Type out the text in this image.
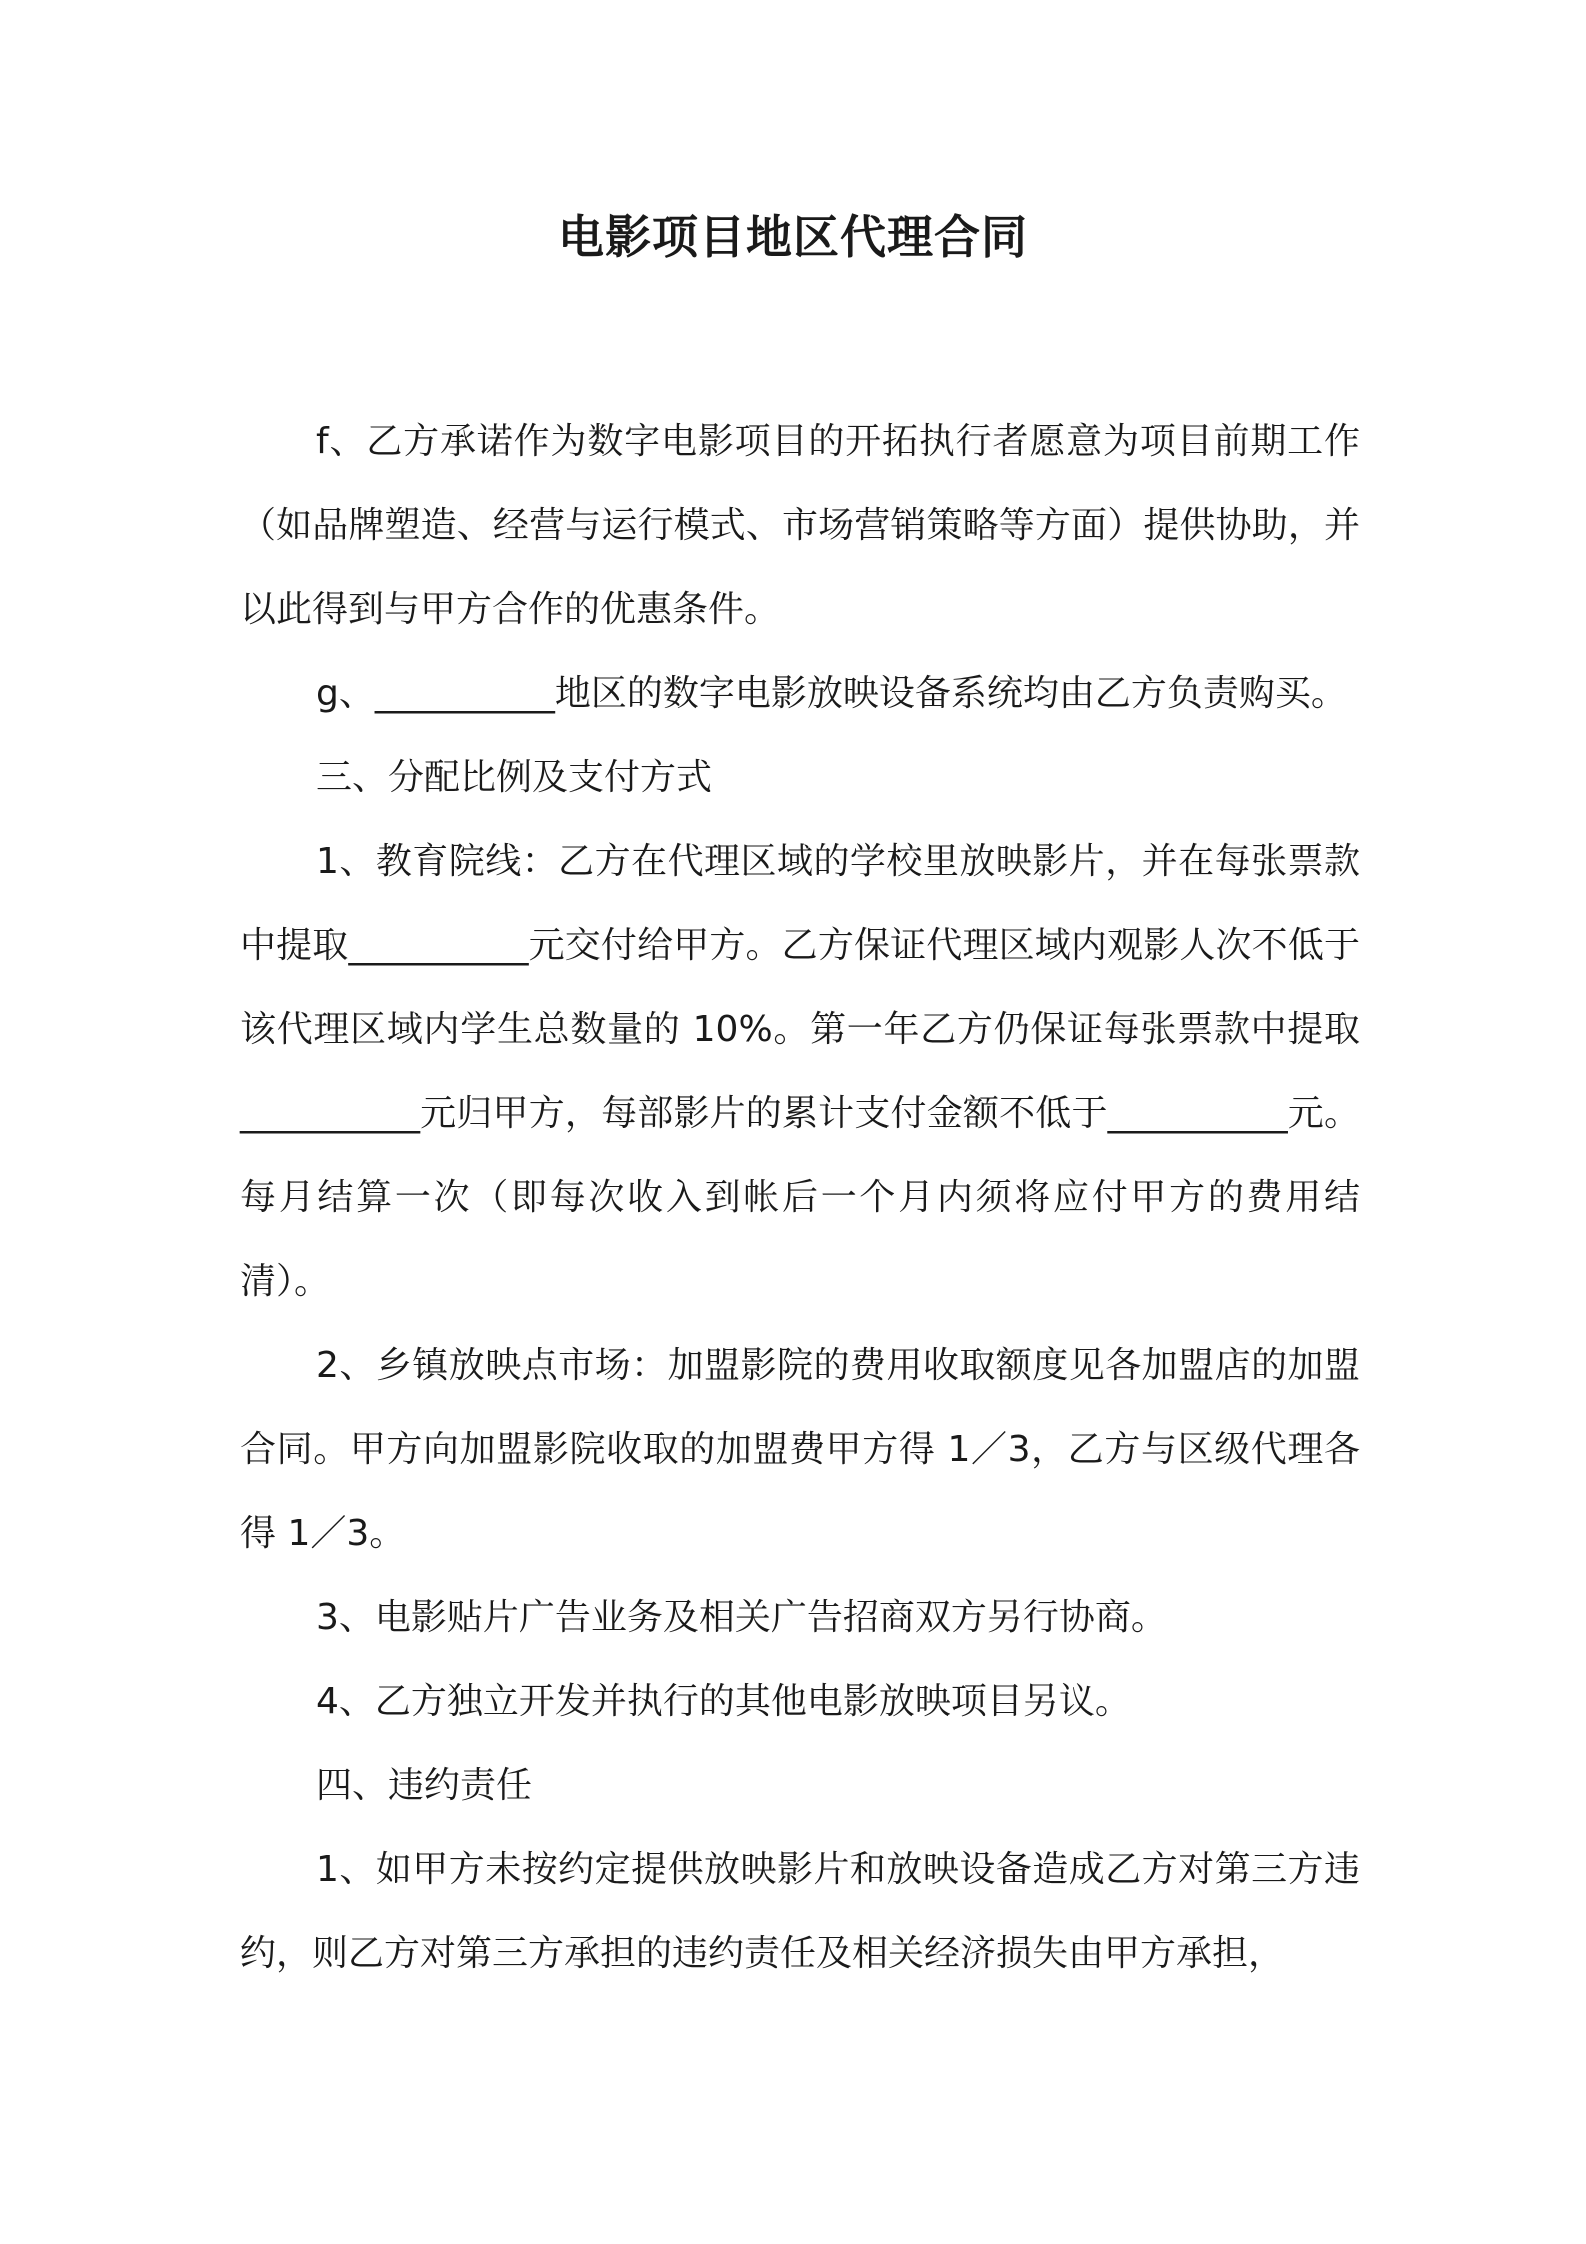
电影项目地区代理合同

f、乙方承诺作为数字电影项目的开拓执行者愿意为项目前期工作（如品牌塑造、经营与运行模式、市场营销策略等方面）提供协助，并以此得到与甲方合作的优惠条件。

g、__________地区的数字电影放映设备系统均由乙方负责购买。

三、分配比例及支付方式

1、教育院线：乙方在代理区域的学校里放映影片，并在每张票款中提取__________元交付给甲方。乙方保证代理区域内观影人次不低于该代理区域内学生总数量的 10%。第一年乙方仍保证每张票款中提取__________元归甲方，每部影片的累计支付金额不低于__________元。每月结算一次（即每次收入到帐后一个月内须将应付甲方的费用结清）。

2、乡镇放映点市场：加盟影院的费用收取额度见各加盟店的加盟合同。甲方向加盟影院收取的加盟费甲方得 1／3，乙方与区级代理各得 1／3。

3、电影贴片广告业务及相关广告招商双方另行协商。

4、乙方独立开发并执行的其他电影放映项目另议。

四、违约责任

1、如甲方未按约定提供放映影片和放映设备造成乙方对第三方违约，则乙方对第三方承担的违约责任及相关经济损失由甲方承担，
